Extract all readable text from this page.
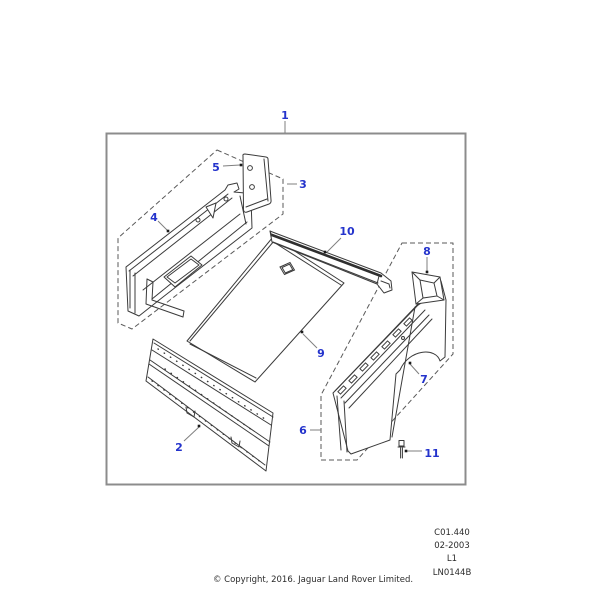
1
2
3
4
5
6
7
8
9
10
11
C01.440
02-2003
L1
LN0144B
© Copyright, 2016. Jaguar Land Rover Limited.
